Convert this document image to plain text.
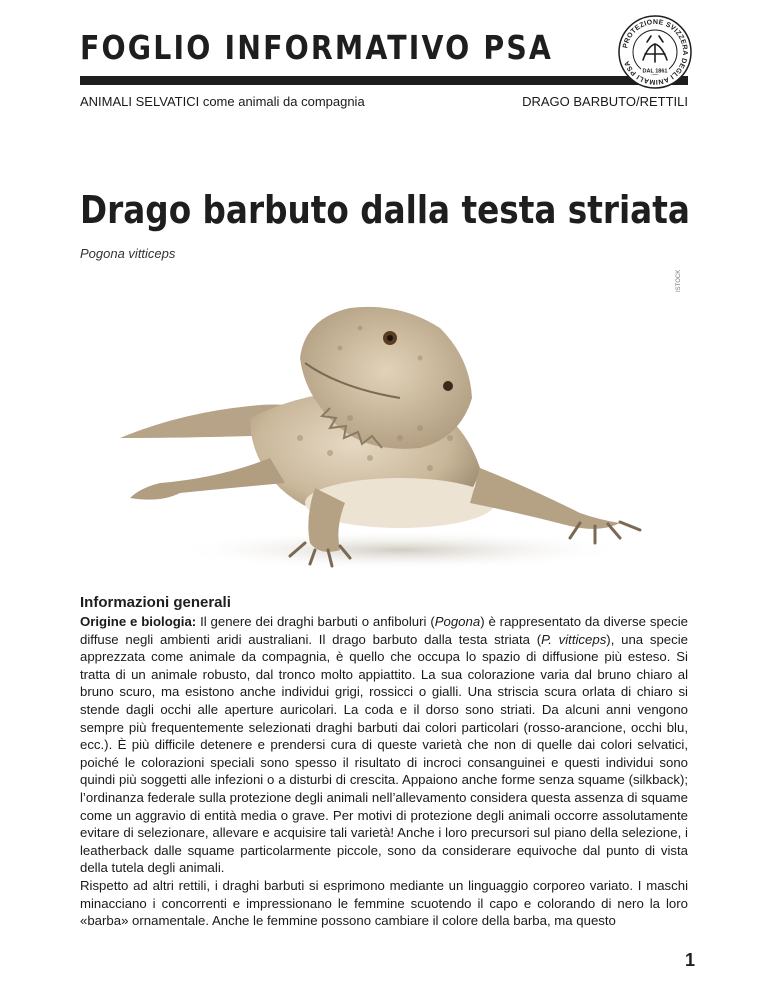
FOGLIO INFORMATIVO PSA	PROTEZIONE SVIZZERA DEGLI ANIMALI PSA
DAL 1861
ANIMALI SELVATICI come animali da compagnia	DRAGO BARBUTO/RETTILI
Drago barbuto dalla testa striata
Pogona vitticeps
ISTOCK
Informazioni generali

Origine e biologia: Il genere dei draghi barbuti o anfiboluri (Pogona) è rappresentato da diverse specie diffuse negli ambienti aridi australiani. Il drago barbuto dalla testa striata (P. vitticeps), una specie apprezzata come animale da compagnia, è quello che occupa lo spazio di diffusione più esteso. Si tratta di un animale robusto, dal tronco molto appiattito. La sua colorazione varia dal bruno chiaro al bruno scuro, ma esistono anche individui grigi, rossicci o gialli. Una striscia scura orlata di chiaro si stende dagli occhi alle aperture auricolari. La coda e il dorso sono striati. Da alcuni anni vengono sempre più frequentemente selezionati draghi barbuti dai colori particolari (rosso-arancione, occhi blu, ecc.). È più difficile detenere e prendersi cura di queste varietà che non di quelle dai colori selvatici, poiché le colorazioni speciali sono spesso il risultato di incroci consanguinei e questi individui sono quindi più soggetti alle infezioni o a disturbi di crescita. Appaiono anche forme senza squame (silkback); l’ordinanza federale sulla protezione degli animali nell’allevamento considera questa assenza di squame come un aggravio di entità media o grave. Per motivi di protezione degli animali occorre assolutamente evitare di selezionare, allevare e acquisire tali varietà! Anche i loro precursori sul piano della selezione, i leatherback dalle squame particolarmente piccole, sono da considerare equivoche dal punto di vista della tutela degli animali.

Rispetto ad altri rettili, i draghi barbuti si esprimono mediante un linguaggio corporeo variato. I maschi minacciano i concorrenti e impressionano le femmine scuotendo il capo e colorando di nero la loro «barba» ornamentale. Anche le femmine possono cambiare il colore della barba, ma questo

1
